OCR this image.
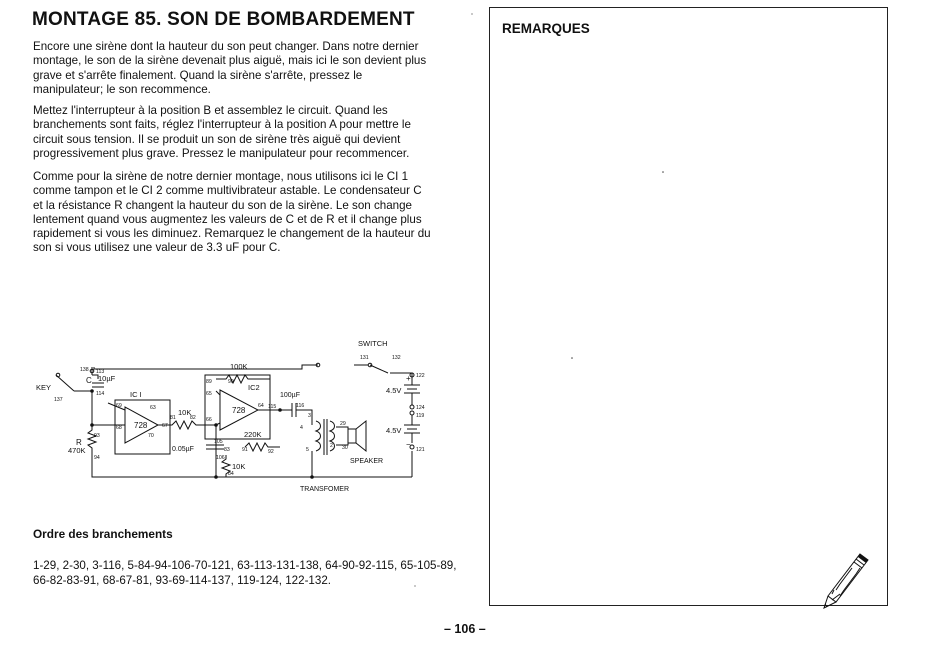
MONTAGE 85. SON DE BOMBARDEMENT

Encore une sirène dont la hauteur du son peut changer. Dans notre dernier montage, le son de la sirène devenait plus aiguë, mais ici le son devient plus grave et s'arrête finalement. Quand la sirène s'arrête, pressez le manipulateur; le son recommence.

Mettez l'interrupteur à la position B et assemblez le circuit. Quand les branchements sont faits, réglez l'interrupteur à la position A pour mettre le circuit sous tension. Il se produit un son de sirène très aiguë qui devient progressivement plus grave. Pressez le manipulateur pour recommencer.

Comme pour la sirène de notre dernier montage, nous utilisons ici le CI 1 comme tampon et le CI 2 comme multivibrateur astable. Le condensateur C et la résistance R changent la hauteur du son de la sirène. Le son change lentement quand vous augmentez les valeurs de C et de R et il change plus rapidement si vous les diminuez. Remarquez le changement de la hauteur du son si vous utilisez une valeur de 3.3 uF pour C.

SWITCH
KEY
C 10µF
IC I
IC2
728
728
100K
10K
10K
220K
100µF
0.05µF
R
470K
4.5V
4.5V
SPEAKER
TRANSFOMER
+
−
138 113
137
114
69	63
68
70
67
93
94
81	82
89	90
65
66
64 115	116
105
106
83
84
91	92
131	132
122
124
119
121
3
4
5
2
29
30
Ordre des branchements

1-29, 2-30, 3-116, 5-84-94-106-70-121, 63-113-131-138, 64-90-92-115, 65-105-89, 66-82-83-91, 68-67-81, 93-69-114-137, 119-124, 122-132.

– 106 –
REMARQUES
